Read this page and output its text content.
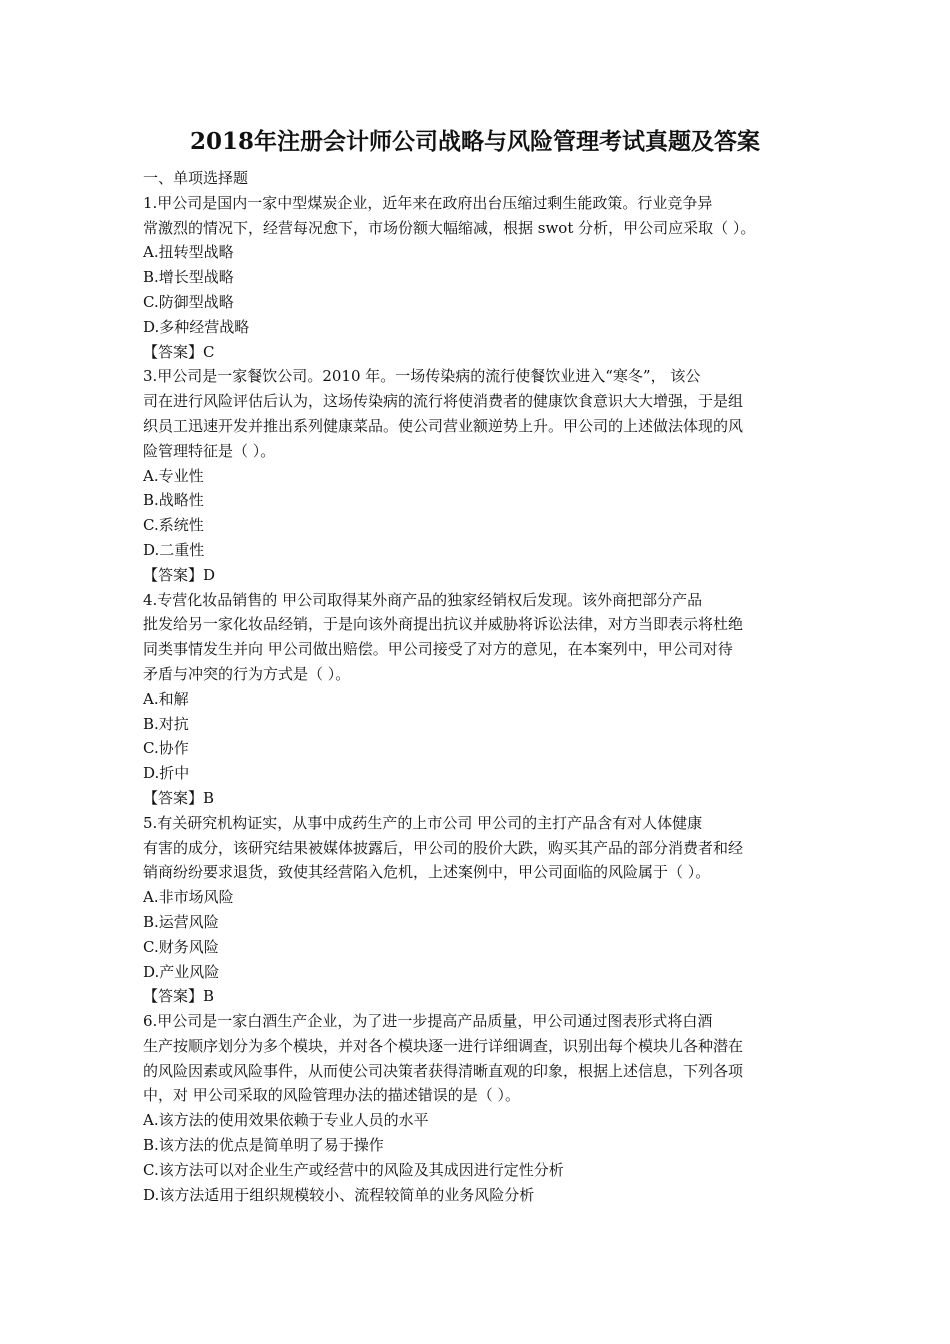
2018年注册会计师公司战略与风险管理考试真题及答案
一、单项选择题
1.甲公司是国内一家中型煤炭企业，近年来在政府出台压缩过剩生能政策。行业竞争异
常激烈的情况下，经营每况愈下，市场份额大幅缩减，根据 swot 分析，甲公司应采取（ ）。
A.扭转型战略
B.增长型战略
C.防御型战略
D.多种经营战略
【答案】C
3.甲公司是一家餐饮公司。2010 年。一场传染病的流行使餐饮业进入“寒冬”， 该公
司在进行风险评估后认为，这场传染病的流行将使消费者的健康饮食意识大大增强，于是组
织员工迅速开发并推出系列健康菜品。使公司营业额逆势上升。甲公司的上述做法体现的风
险管理特征是（ ）。
A.专业性
B.战略性
C.系统性
D.二重性
【答案】D
4.专营化妆品销售的 甲公司取得某外商产品的独家经销权后发现。该外商把部分产品
批发给另一家化妆品经销，于是向该外商提出抗议并威胁将诉讼法律，对方当即表示将杜绝
同类事情发生并向 甲公司做出赔偿。甲公司接受了对方的意见，在本案列中，甲公司对待
矛盾与冲突的行为方式是（ ）。
A.和解
B.对抗
C.协作
D.折中
【答案】B
5.有关研究机构证实，从事中成药生产的上市公司 甲公司的主打产品含有对人体健康
有害的成分，该研究结果被媒体披露后，甲公司的股价大跌，购买其产品的部分消费者和经
销商纷纷要求退货，致使其经营陷入危机，上述案例中，甲公司面临的风险属于（ ）。
A.非市场风险
B.运营风险
C.财务风险
D.产业风险
【答案】B
6.甲公司是一家白酒生产企业，为了进一步提高产品质量，甲公司通过图表形式将白酒
生产按顺序划分为多个模块，并对各个模块逐一进行详细调查，识别出每个模块儿各种潜在
的风险因素或风险事件，从而使公司决策者获得清晰直观的印象，根据上述信息，下列各项
中，对 甲公司采取的风险管理办法的描述错误的是（ ）。
A.该方法的使用效果依赖于专业人员的水平
B.该方法的优点是简单明了易于操作
C.该方法可以对企业生产或经营中的风险及其成因进行定性分析
D.该方法适用于组织规模较小、流程较简单的业务风险分析
